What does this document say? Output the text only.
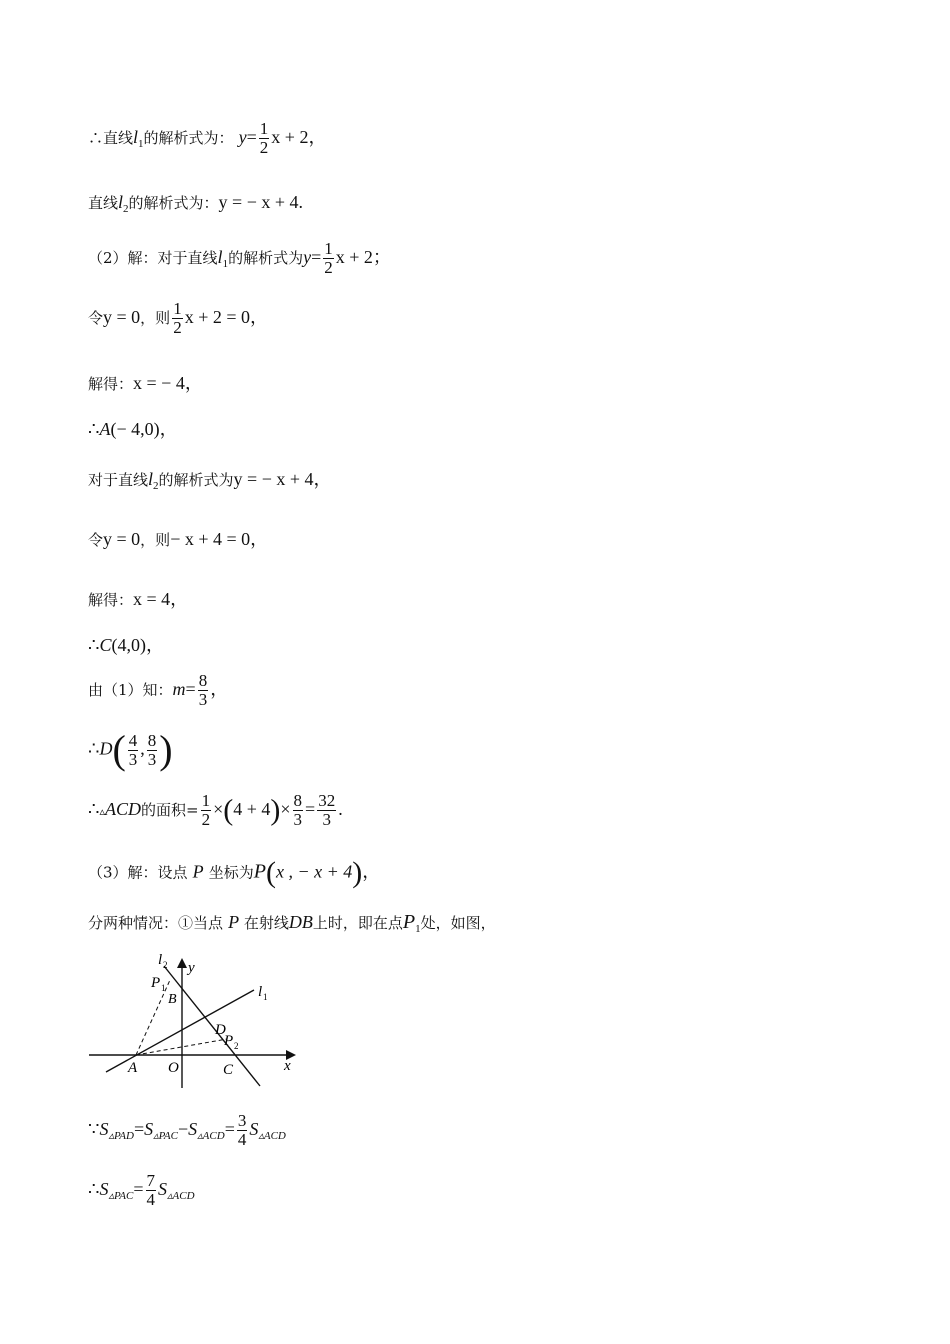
∴直线$l_1$的解析式为： $y= \frac{1}{2}$ x + 2，
直线$l_2$的解析式为：y = − x + 4.
（2）解：对于直线$l_1$的解析式为$y= \frac{1}{2}$ x + 2；
令y = 0，则 $\frac{1}{2}$ x + 2 = 0，
解得：x = − 4，
∴A(− 4,0)，
对于直线$l_2$的解析式为y = − x + 4，
令y = 0，则− x + 4 = 0，
解得：x = 4，
∴C(4,0)，
由（1）知：$m= \frac{8}{3}$ ，
∴D( $\frac{4}{3}$ , $\frac{8}{3}$ )
∴▵ACD的面积= $\frac{1}{2} \times(4 + 4)\times \frac{8}{3} = \frac{32}{3}$ .
（3）解：设点 P 坐标为P(x , − x + 4)，
分两种情况：①当点 P 在射线DB上时，即在点$P_1$处，如图，
l 2 y
P 1
B	l 1
D
P 2
A O	C	x
$\because S_{▵PAD}=S_{▵PAC}-S_{▵ACD}= \frac{3}{4} S_{▵ACD}$
$\therefore S_{▵PAC}= \frac{7}{4} S_{▵ACD}$
